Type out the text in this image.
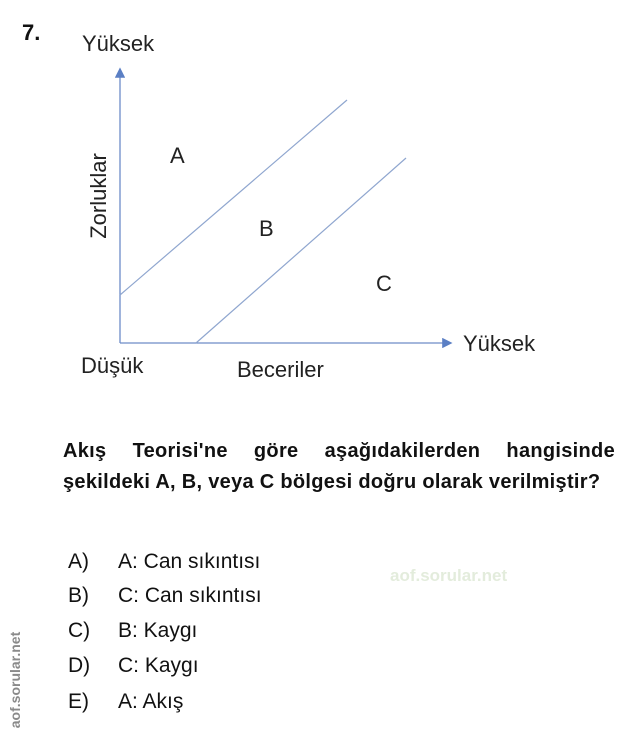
aof.sorular.net
7. Yüksek
Zorluklar	A
B
C
Düşük	Beceriler
Yüksek
Akış Teorisi'ne göre aşağıdakilerden hangisinde şekildeki A, B, veya C bölgesi doğru olarak verilmiştir?
A) A: Can sıkıntısı
B) C: Can sıkıntısı
C) B: Kaygı
D) C: Kaygı
E) A: Akış
aof.sorular.net
